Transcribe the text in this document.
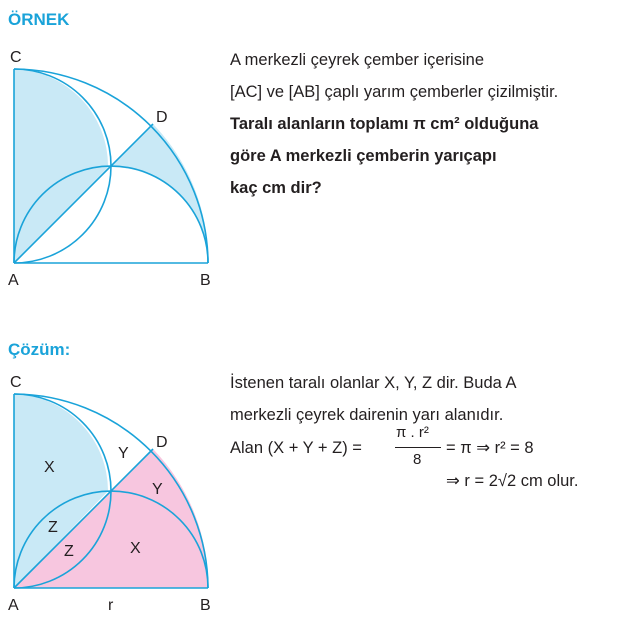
ÖRNEK
C
D
A	B
C
D
A	B
r
X
Y
Y
X
Z
Z
A merkezli çeyrek çember içerisine
[AC] ve [AB] çaplı yarım çemberler çizilmiştir.
Taralı alanların toplamı π cm² olduğuna
göre A merkezli çemberin yarıçapı
kaç cm dir?
Çözüm:
İstenen taralı olanlar X, Y, Z dir. Buda A
merkezli çeyrek dairenin yarı alanıdır.
Alan (X + Y + Z) =
π . r²
8
= π ⇒ r² = 8
⇒ r = 2√2 cm olur.
